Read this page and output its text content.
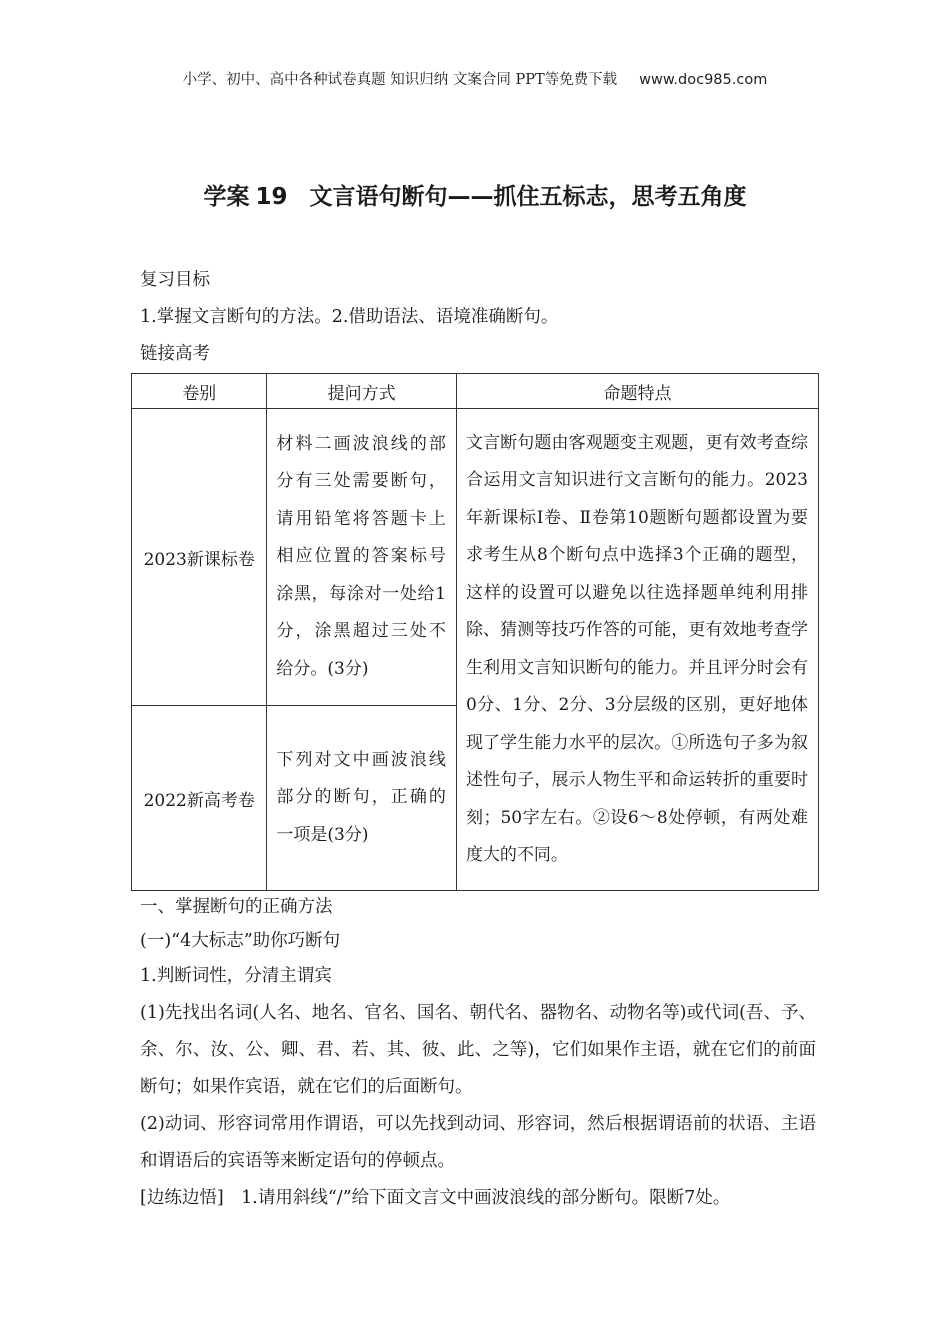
小学、初中、高中各种试卷真题 知识归纳 文案合同 PPT等免费下载 www.doc985.com
学案 19 文言语句断句——抓住五标志，思考五角度
复习目标
1.掌握文言断句的方法。2.借助语法、语境准确断句。
链接高考
卷别	提问方式	命题特点
2023新课标卷	材料二画波浪线的部分有三处需要断句，请用铅笔将答题卡上相应位置的答案标号涂黑，每涂对一处给1分，涂黑超过三处不给分。(3分)	文言断句题由客观题变主观题，更有效考查综合运用文言知识进行文言断句的能力。2023年新课标Ⅰ卷、Ⅱ卷第10题断句题都设置为要求考生从8个断句点中选择3个正确的题型，这样的设置可以避免以往选择题单纯利用排除、猜测等技巧作答的可能，更有效地考查学生利用文言知识断句的能力。并且评分时会有0分、1分、2分、3分层级的区别，更好地体现了学生能力水平的层次。①所选句子多为叙述性句子，展示人物生平和命运转折的重要时刻；50字左右。②设6～8处停顿，有两处难度大的不同。

2022新高考卷	下列对文中画波浪线部分的断句，正确的一项是(3分)	
一、掌握断句的正确方法
(一)“4大标志”助你巧断句
1.判断词性，分清主谓宾
(1)先找出名词(人名、地名、官名、国名、朝代名、器物名、动物名等)或代词(吾、予、余、尔、汝、公、卿、君、若、其、彼、此、之等)，它们如果作主语，就在它们的前面断句；如果作宾语，就在它们的后面断句。
(2)动词、形容词常用作谓语，可以先找到动词、形容词，然后根据谓语前的状语、主语和谓语后的宾语等来断定语句的停顿点。
[边练边悟]　1.请用斜线“/”给下面文言文中画波浪线的部分断句。限断7处。
